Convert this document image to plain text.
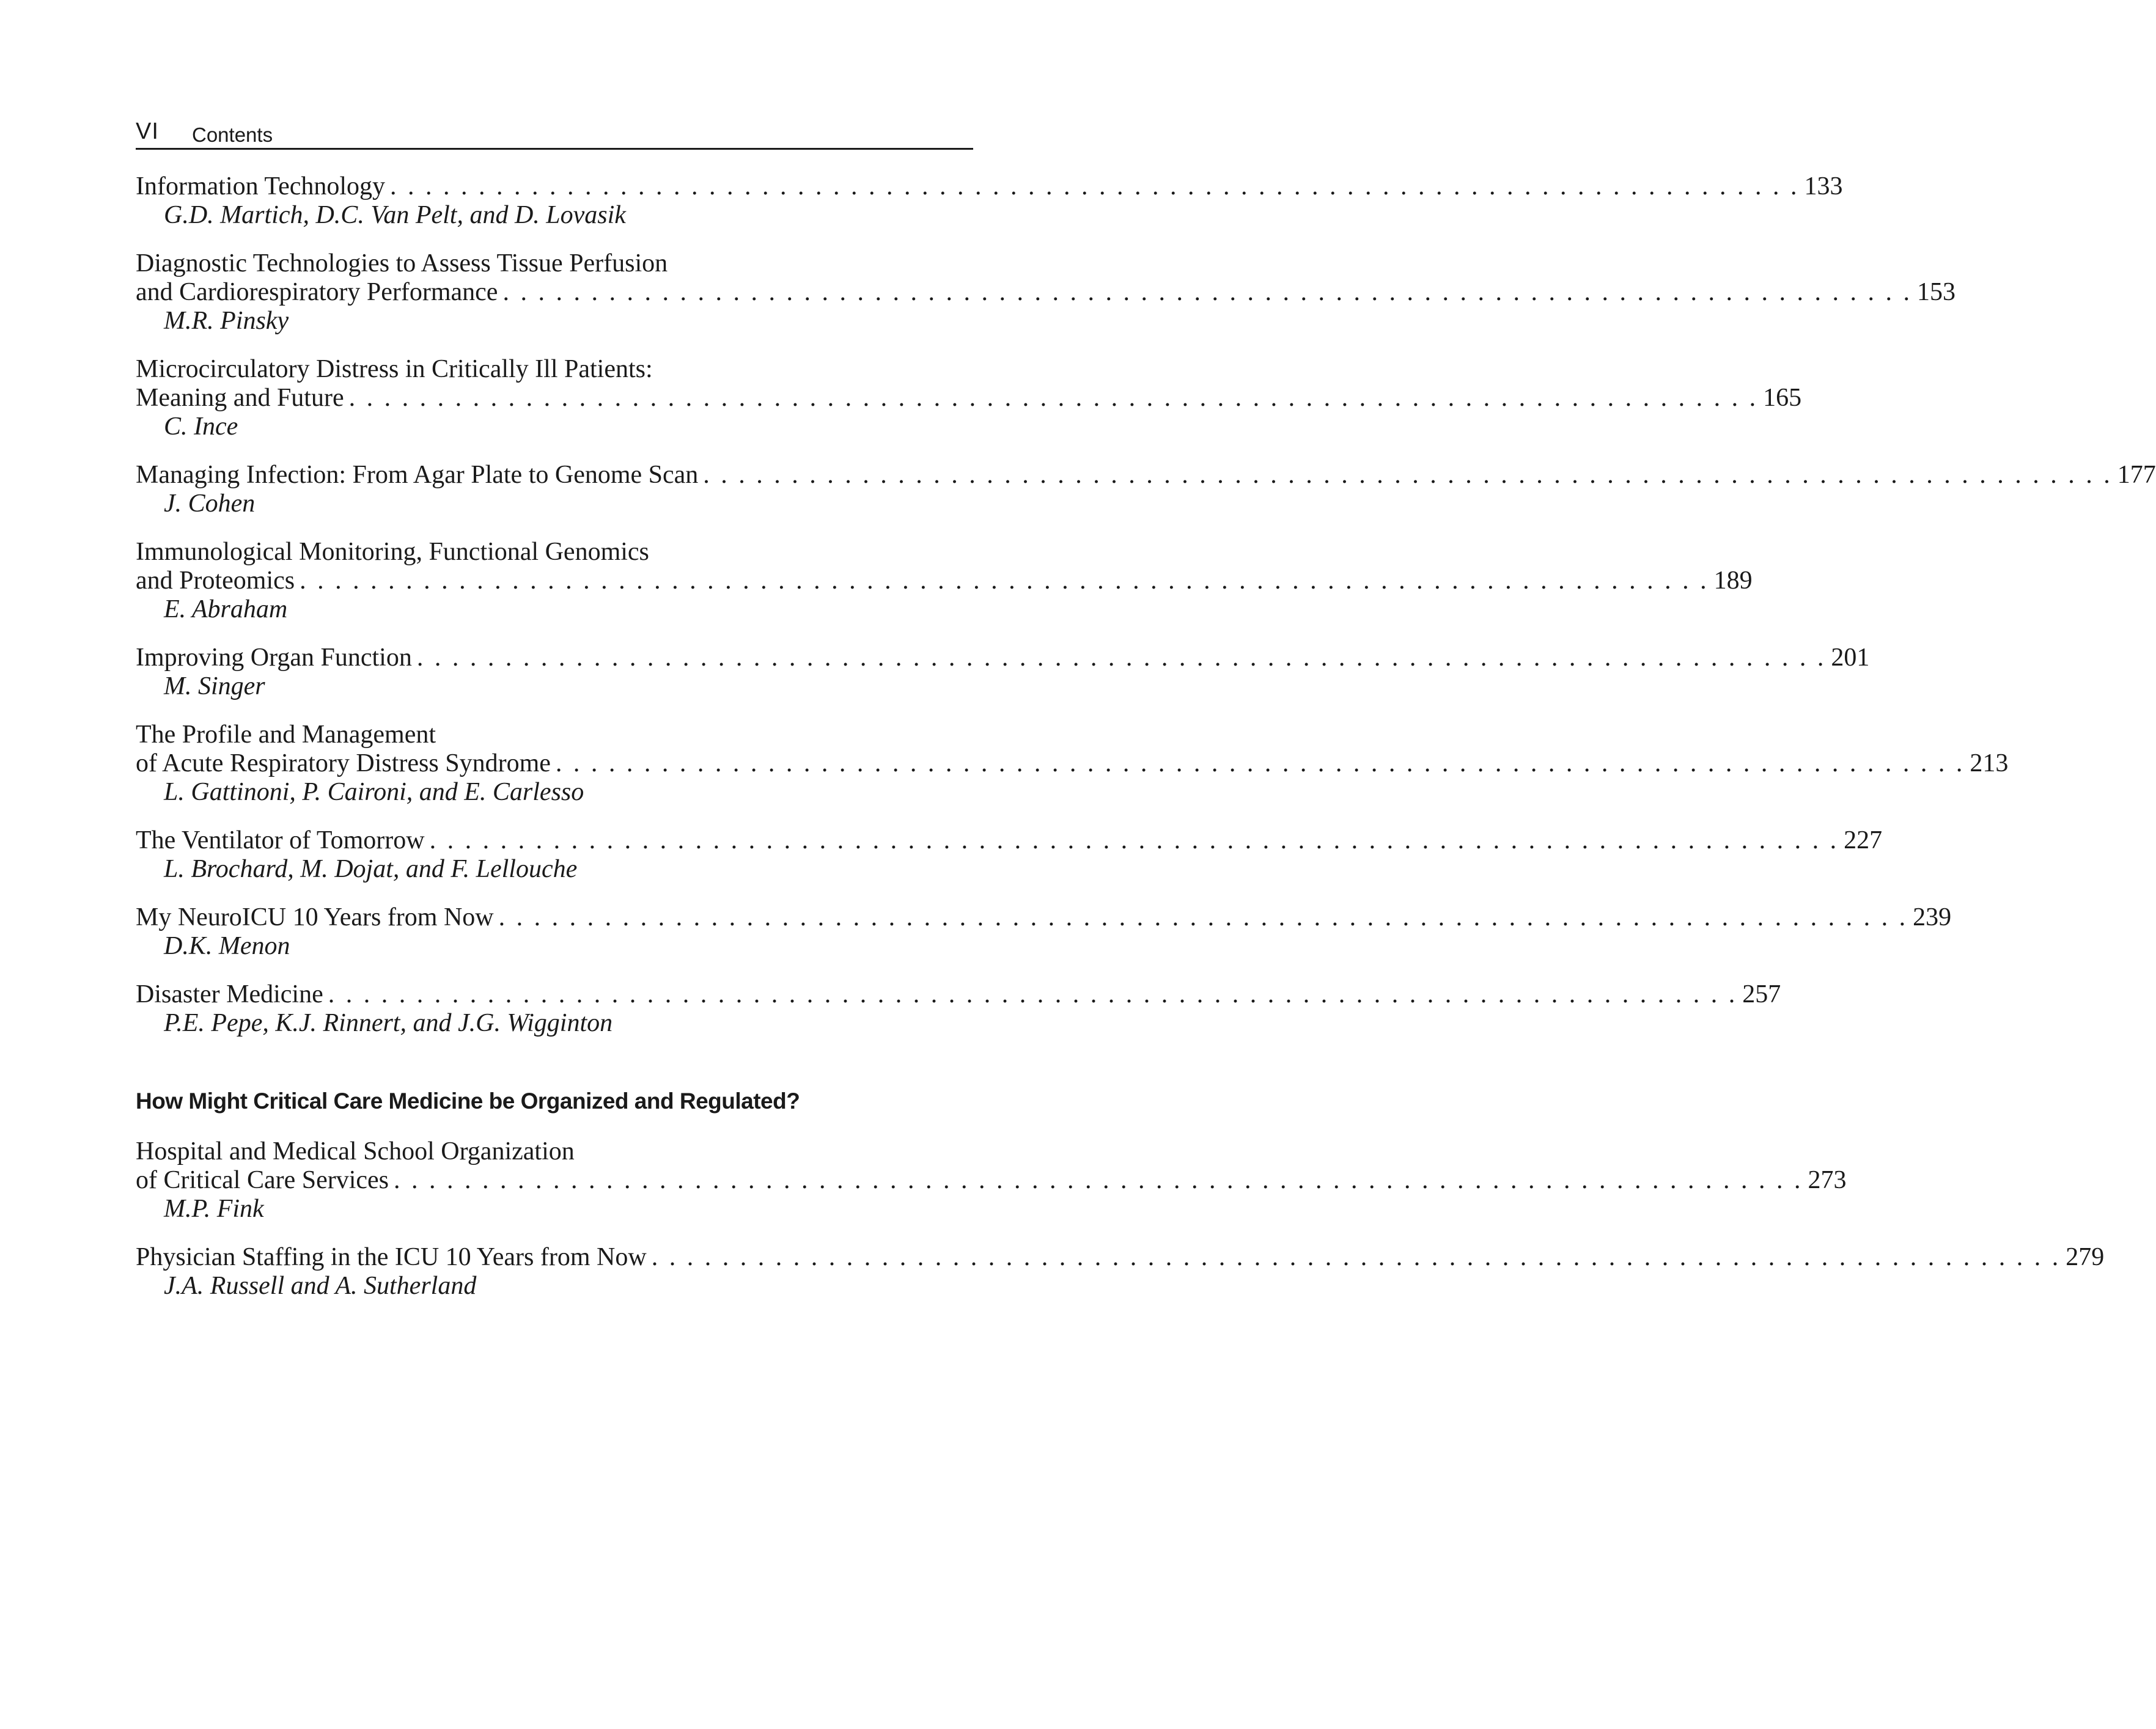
VI Contents
Information Technology . . . . . . . . . . . . . . . . . . . . . . . . . . . . . . . . . . . . . . . . . . . . . . . . . . . . . . . . . . . . . . . . . . . . . . . . . . . . . . . . 133
G.D. Martich, D.C. Van Pelt, and D. Lovasik
Diagnostic Technologies to Assess Tissue Perfusion
and Cardiorespiratory Performance . . . . . . . . . . . . . . . . . . . . . . . . . . . . . . . . . . . . . . . . . . . . . . . . . . . . . . . . . . . . . . . . . . . . . . . . . . . . . . . . 153
M.R. Pinsky
Microcirculatory Distress in Critically Ill Patients:
Meaning and Future . . . . . . . . . . . . . . . . . . . . . . . . . . . . . . . . . . . . . . . . . . . . . . . . . . . . . . . . . . . . . . . . . . . . . . . . . . . . . . . . 165
C. Ince
Managing Infection: From Agar Plate to Genome Scan . . . . . . . . . . . . . . . . . . . . . . . . . . . . . . . . . . . . . . . . . . . . . . . . . . . . . . . . . . . . . . . . . . . . . . . . . . . . . . . . 177
J. Cohen
Immunological Monitoring, Functional Genomics
and Proteomics . . . . . . . . . . . . . . . . . . . . . . . . . . . . . . . . . . . . . . . . . . . . . . . . . . . . . . . . . . . . . . . . . . . . . . . . . . . . . . . . 189
E. Abraham
Improving Organ Function . . . . . . . . . . . . . . . . . . . . . . . . . . . . . . . . . . . . . . . . . . . . . . . . . . . . . . . . . . . . . . . . . . . . . . . . . . . . . . . . 201
M. Singer
The Profile and Management
of Acute Respiratory Distress Syndrome . . . . . . . . . . . . . . . . . . . . . . . . . . . . . . . . . . . . . . . . . . . . . . . . . . . . . . . . . . . . . . . . . . . . . . . . . . . . . . . . 213
L. Gattinoni, P. Caironi, and E. Carlesso
The Ventilator of Tomorrow . . . . . . . . . . . . . . . . . . . . . . . . . . . . . . . . . . . . . . . . . . . . . . . . . . . . . . . . . . . . . . . . . . . . . . . . . . . . . . . . 227
L. Brochard, M. Dojat, and F. Lellouche
My NeuroICU 10 Years from Now . . . . . . . . . . . . . . . . . . . . . . . . . . . . . . . . . . . . . . . . . . . . . . . . . . . . . . . . . . . . . . . . . . . . . . . . . . . . . . . . 239
D.K. Menon
Disaster Medicine . . . . . . . . . . . . . . . . . . . . . . . . . . . . . . . . . . . . . . . . . . . . . . . . . . . . . . . . . . . . . . . . . . . . . . . . . . . . . . . . 257
P.E. Pepe, K.J. Rinnert, and J.G. Wigginton
How Might Critical Care Medicine be Organized and Regulated?
Hospital and Medical School Organization
of Critical Care Services . . . . . . . . . . . . . . . . . . . . . . . . . . . . . . . . . . . . . . . . . . . . . . . . . . . . . . . . . . . . . . . . . . . . . . . . . . . . . . . . 273
M.P. Fink
Physician Staffing in the ICU 10 Years from Now . . . . . . . . . . . . . . . . . . . . . . . . . . . . . . . . . . . . . . . . . . . . . . . . . . . . . . . . . . . . . . . . . . . . . . . . . . . . . . . . 279
J.A. Russell and A. Sutherland
